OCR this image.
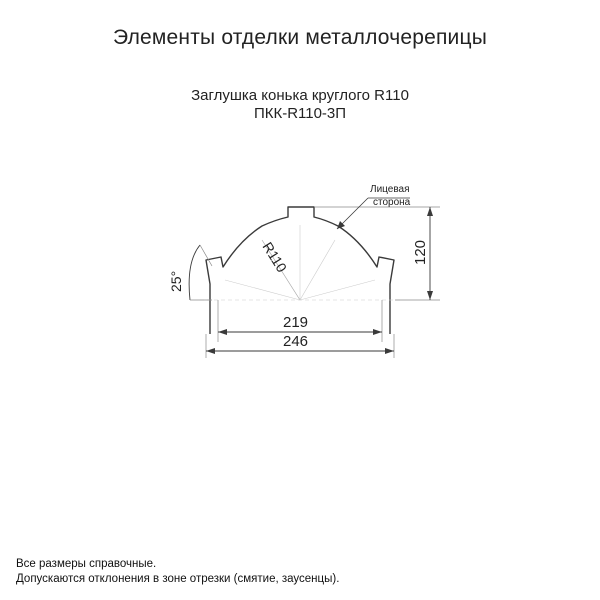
Элементы отделки металлочерепицы
Заглушка конька круглого R110
ПКК-R110-3П
R110
25°
120
219
246
Лицевая
сторона
Все размеры справочные.
Допускаются отклонения в зоне отрезки (смятие, заусенцы).
